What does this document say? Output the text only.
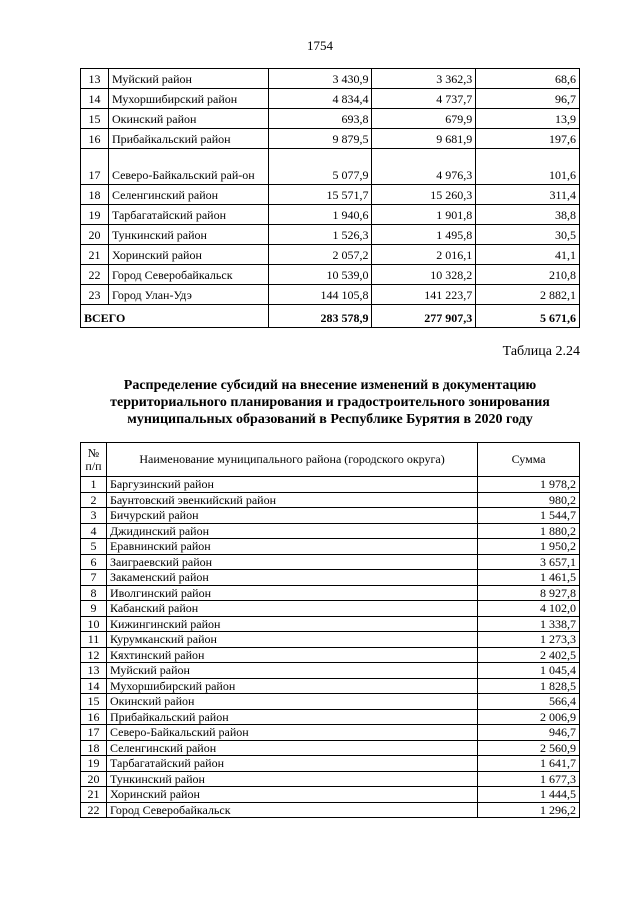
1754
13	Муйский район	3 430,9	3 362,3	68,6
14	Мухоршибирский район	4 834,4	4 737,7	96,7
15	Окинский район	693,8	679,9	13,9
16	Прибайкальский район	9 879,5	9 681,9	197,6
17	Северо-Байкальский рай-он	5 077,9	4 976,3	101,6
18	Селенгинский район	15 571,7	15 260,3	311,4
19	Тарбагатайский район	1 940,6	1 901,8	38,8
20	Тункинский район	1 526,3	1 495,8	30,5
21	Хоринский район	2 057,2	2 016,1	41,1
22	Город Северобайкальск	10 539,0	10 328,2	210,8
23	Город Улан-Удэ	144 105,8	141 223,7	2 882,1
ВСЕГО		283 578,9	277 907,3	5 671,6
Таблица 2.24
Распределение субсидий на внесение изменений в документацию территориального планирования и градостроительного зонирования муниципальных образований в Республике Бурятия в 2020 году
№ п/п	Наименование муниципального района (городского округа)	Сумма
1	Баргузинский район	1 978,2
2	Баунтовский эвенкийский район	980,2
3	Бичурский район	1 544,7
4	Джидинский район	1 880,2
5	Еравнинский район	1 950,2
6	Заиграевский район	3 657,1
7	Закаменский район	1 461,5
8	Иволгинский район	8 927,8
9	Кабанский район	4 102,0
10	Кижингинский район	1 338,7
11	Курумканский район	1 273,3
12	Кяхтинский район	2 402,5
13	Муйский район	1 045,4
14	Мухоршибирский район	1 828,5
15	Окинский район	566,4
16	Прибайкальский район	2 006,9
17	Северо-Байкальский район	946,7
18	Селенгинский район	2 560,9
19	Тарбагатайский район	1 641,7
20	Тункинский район	1 677,3
21	Хоринский район	1 444,5
22	Город Северобайкальск	1 296,2
